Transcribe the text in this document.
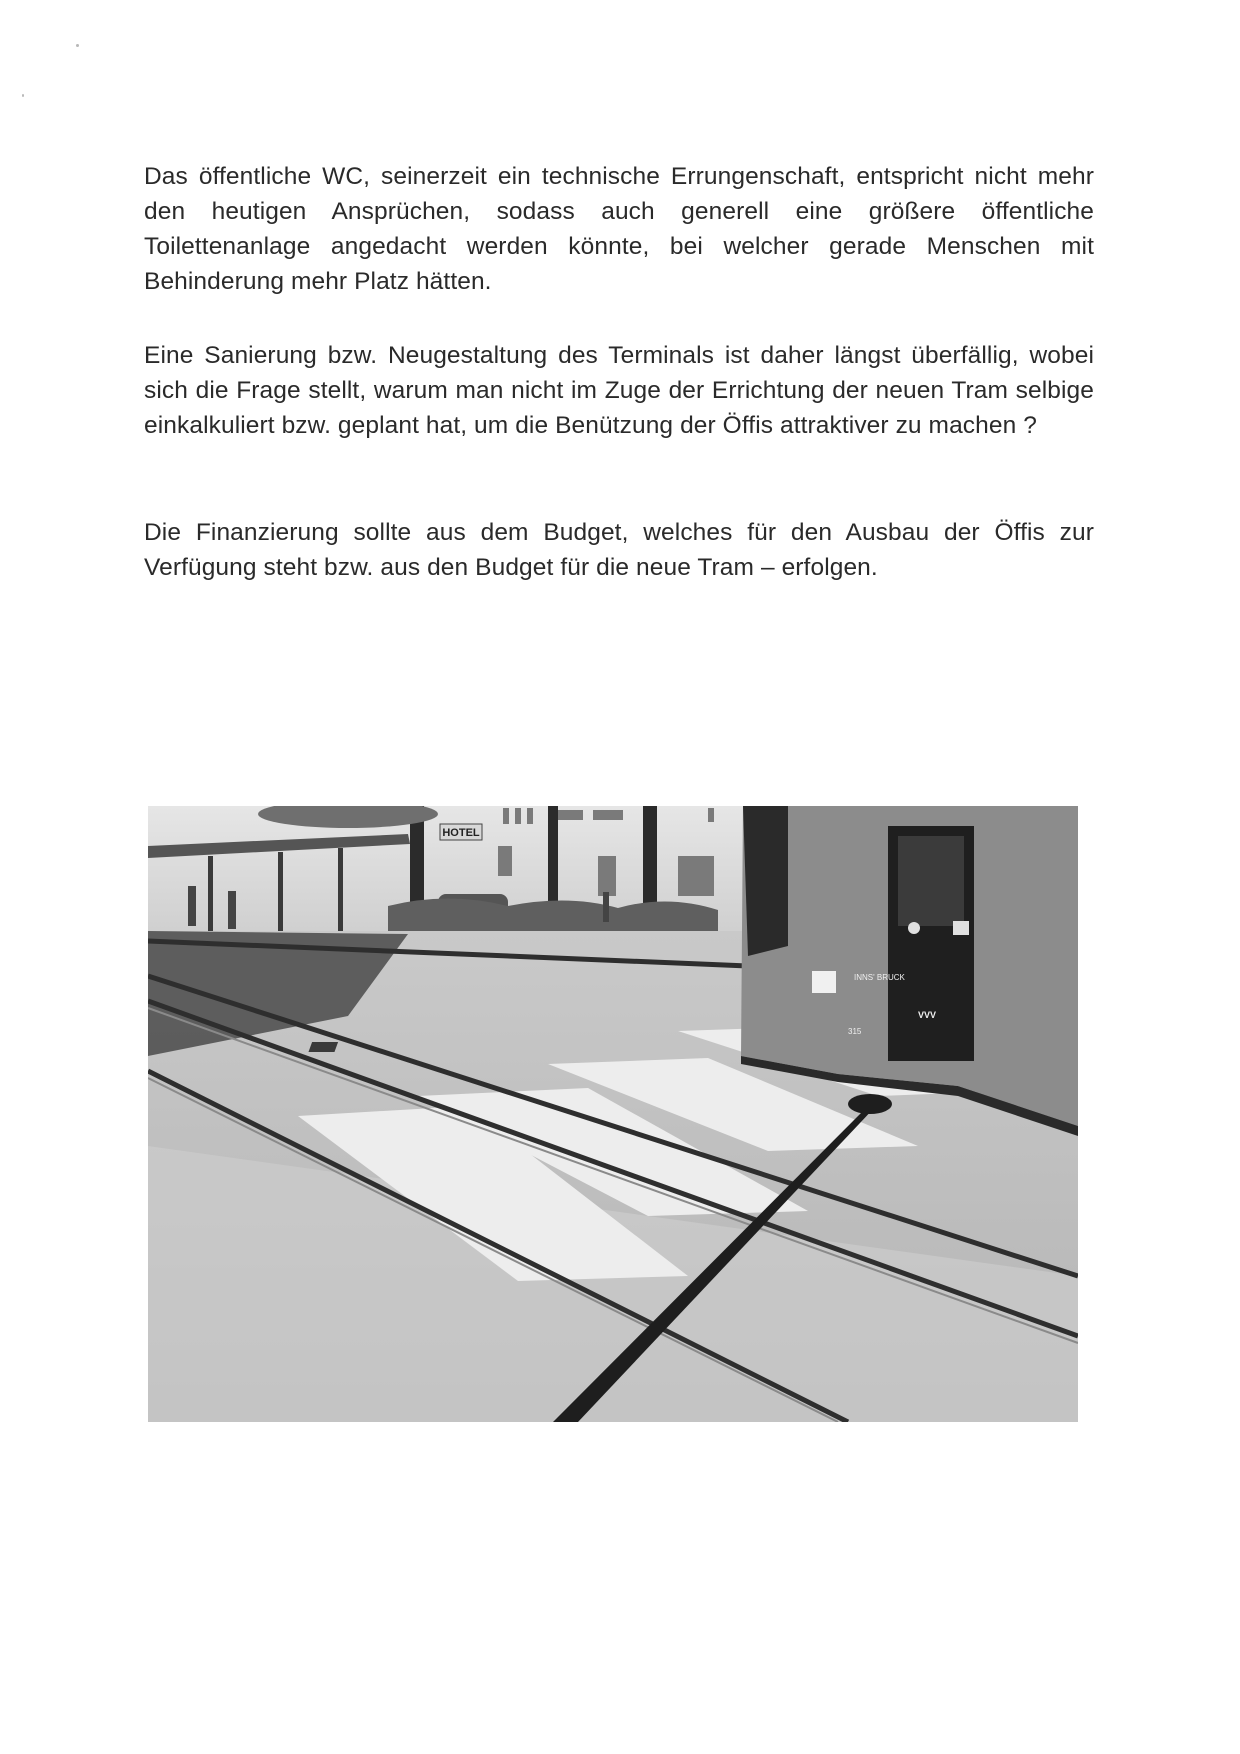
Das öffentliche WC, seinerzeit ein technische Errungenschaft, entspricht nicht mehr den heutigen Ansprüchen, sodass auch generell eine größere öffentliche Toilettenanlage angedacht werden könnte, bei welcher gerade Menschen mit Behinderung mehr Platz hätten.

Eine Sanierung bzw. Neugestaltung des Terminals ist daher längst überfällig, wobei sich die Frage stellt, warum man nicht im Zuge der Errichtung der neuen Tram selbige einkalkuliert bzw. geplant hat, um die Benützung der Öffis attraktiver zu machen ?

Die Finanzierung sollte aus dem Budget, welches für den Ausbau der Öffis zur Verfügung steht bzw. aus den Budget für die neue Tram – erfolgen.

HOTEL
INNS' BRUCK
315
VVV
